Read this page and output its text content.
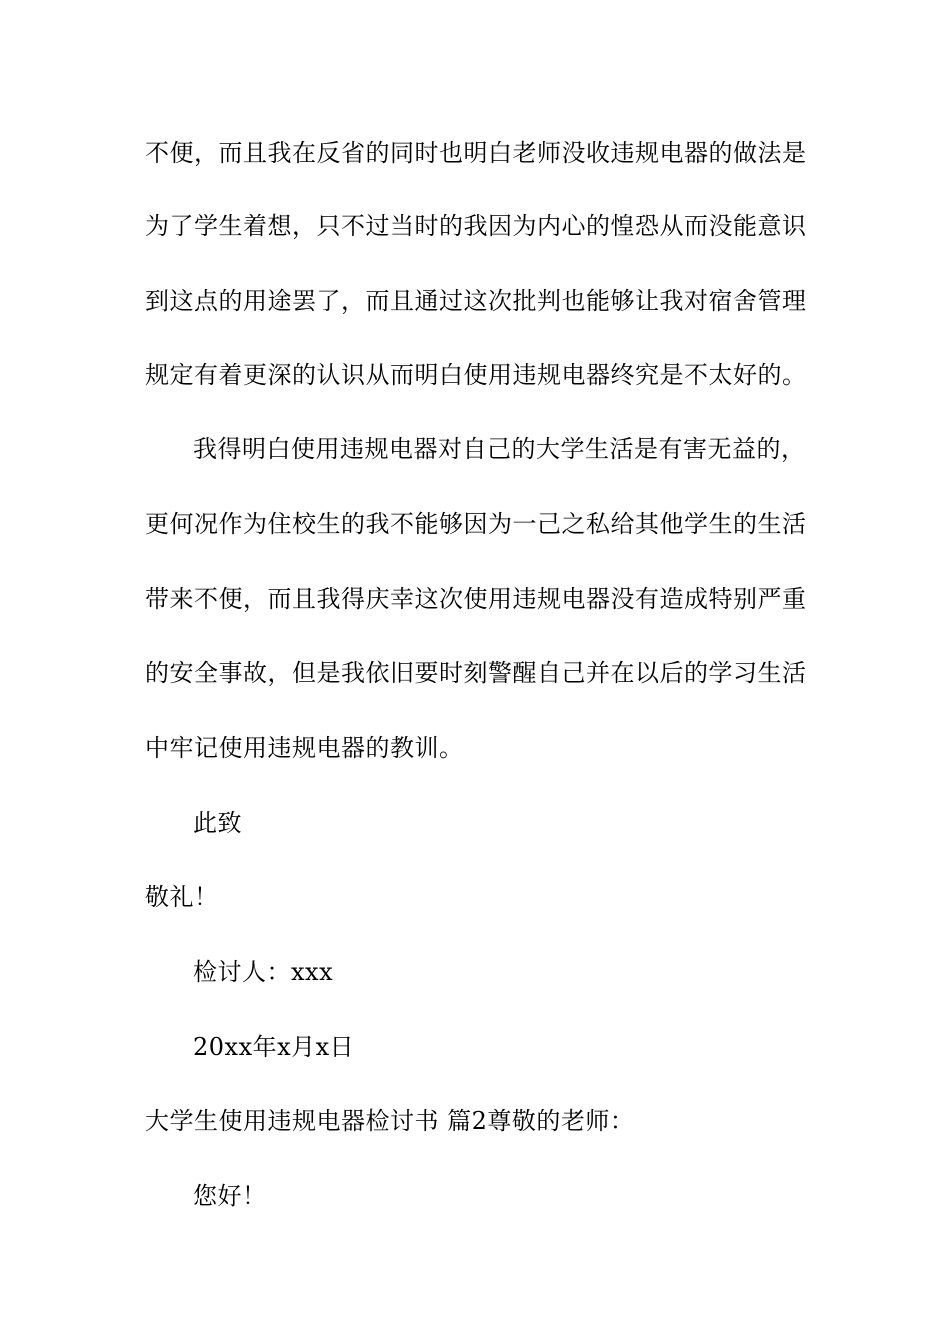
不便，而且我在反省的同时也明白老师没收违规电器的做法是
为了学生着想，只不过当时的我因为内心的惶恐从而没能意识
到这点的用途罢了，而且通过这次批判也能够让我对宿舍管理
规定有着更深的认识从而明白使用违规电器终究是不太好的。
我得明白使用违规电器对自己的大学生活是有害无益的，
更何况作为住校生的我不能够因为一己之私给其他学生的生活
带来不便，而且我得庆幸这次使用违规电器没有造成特别严重
的安全事故，但是我依旧要时刻警醒自己并在以后的学习生活
中牢记使用违规电器的教训。
此致
敬礼！
检讨人：xxx
20xx年x月x日
大学生使用违规电器检讨书 篇2尊敬的老师：
您好！
